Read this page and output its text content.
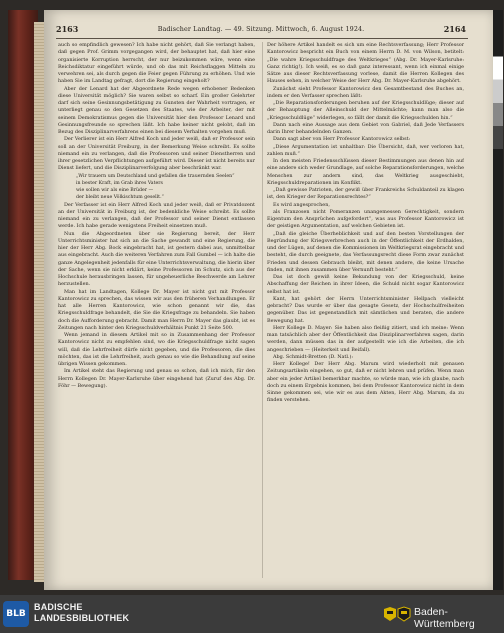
2163	Badischer Landtag. — 49. Sitzung. Mittwoch, 6. August 1924.	2164

auch so empfindlich gewesen? Ich habe nicht gehört, daß Sie verlangt haben, daß gegen Prof. Grimm vorgegangen wird, der behauptet hat, daß hier eine organisierte Korruption herrscht, der nur beizukommen wäre, wenn eine Reichsdiktatur eingeführt würde, und ob das mit Reichsflaggen Mitteln zu verwehren sei, als durch gegen die Feier gegen Führung zu erhöhen. Und wie haben Sie im Landtag gefragt, dort die Regierung eingeholt?

Aber der Lenard hat der Abgeordnete Rede wegen erhobener Bedenken diese Universität möglich? Sie waren selbst so scharf. Ein großer Gelehrter darf sich seine Gesinnungsbetätigung zu Gunsten der Wahrheit vortragen, er unterliegt genau so den Gesetzen des Staates, wie der Arbeiter, der mit seinem Demokratismus gegen die Universität hier den Professor Lenard und Gesinnungsfreunde so sprechen läßt. Ich habe keiner nicht gelobt, daß im Bezug des Disziplinarverfahrens einen bei diesem Verhalten vorgehen muß.

Der Verlierer ist ein Herr Alfred Koch und jeder weiß, daß er Professor sein soll an der Universität Freiburg, in der Bemerkung Weise schreibt. Es sollte niemand ein zu verlangen, daß die Professoren und seiner Dienstherren und ihrer gesetzlichen Verpflichtungen aufgeführt wird. Dieser ist nicht bereits nur Dienst liefert, und die Disziplinarverfolgung aber beschränkt war.

„Wir trauern um Deutschland und gefallen die trauernden Seelen“

in bester Kraft, im Grab ihres Vaters

wie sollen wir als eine Brüder —

der bleibt neue Völkischtum gesellt.“

Der Verfasser ist ein Herr Alfred Koch und jeder weiß, daß er Privatdozent an der Universität in Freiburg ist, der bedenkliche Weise schreibt. Es sollte niemand ein zu verlangen, daß der Professor und seiner Dienst entlassen werde. Ich habe gerade wenigstens Freiheit einsetzen muß.

Nun die Abgeordneten über sie Regierung bereit, der Herr Unterrichtsminister hat sich an die Sache gewandt und eine Regierung, die hier der Herr Abg. Bock eingebracht hat, ist gestern dabei aus, unmittelbar aus eingebracht. Auch die weiteren Verfahren zum Fall Gumbel — ich halte die ganze Angelegenheit jedenfalls für eine Unterrichtsverwaltung, die hierin über der Sache, wenn sie nicht erklärt, keine Professoren im Schutz, sich aus der Hochschule herausbringen lassen, für ungeheuerliche Beschwerde am Lehrer herzustellen.

Man hat im Landtagen, Kollege Dr. Mayer ist nicht gut mit Professor Kantorowicz zu sprechen, das wissen wir aus den früheren Verhandlungen. Er hat alle Herren Kantorowicz, wie schon genannt wir die, das Kriegsschuldfrage behandelt, die Sie die Kriegsfrage zu behandeln. Sie haben doch die Aufforderung gebracht. Damit man Herrn Dr. Mayer das glaubt, ist es Zeitungen nach hinter den Kriegsschuldverhältnis Punkt 21 Seite 500.

Wenn jemand in diesem Artikel mit so in Zusammenhang der Professor Kantorowicz nicht zu empfehlen sind, wo die Kriegsschuldfrage nicht sagen will, daß die Lehrfreiheit dürfe nicht gegeben, und die Professoren, die dies möchten, das ist die Lehrfreiheit, auch genau so wie die Behandlung auf seine übrigen Wissen gekommen.

Im Artikel steht das Regierung und genau so schon, daß ich mich, für den Herrn Kollegen Dr. Mayer-Karlsruhe über eingehend hat (Zuruf des Abg. Dr. Föhr — Bewegung).

Der höhere Artikel handelt es sich um eine Rechtsverfassung; Herr Professor Kantorowicz bespricht ein Buch von einem Herrn D. M. von Wilson, betitelt: „Die wahre Kriegsschuldfrage des Weltkrieges“ (Abg. Dr. Mayer-Karlsruhe: Ganz richtig!). Ich weiß, es so daß ganz interessant, wenn ich einmal einige Sätze aus dieser Rechtsverfassung vorlese, damit die Herren Kollegen des Hauses sehen, in welcher Weise der Herr Abg. Dr. Mayer-Karlsruhe abgehört.

Zunächst sieht Professor Kantorowicz den Gesamtbestand des Buches an, indem er den Verfasser sprechen läßt:

„Die Reparationsforderungen beruhen auf der Kriegsschuldlüge; dieser auf der Behauptung der Alleinschuld der Mittelmächte; kann man also die „Kriegsschuldlüge“ widerlegen, so fällt der damit die Kriegsschulden hin.“

Dann nach eine Aussage aus dem Gebiet von Gabriel, daß Jede Verfassers darin Ihrer behandelnden Ganzen.

Dann sagt aber von Herr Professor Kantorowicz selbst:

„Diese Argumentation ist unhaltbar: Die Übersicht, daß, wer verloren hat, zahlen muß.“

In den meisten Friedensschlüssen dieser Bestimmungen aus denen hin auf eine andere sich weder Grundlage, auf solche Reparationsforderungen, welche Menschen zur andern sind, das Weltkrieg ausgeschiebt, Kriegsschuldreparationen im Konflikt.

„Daß gewisse Patrioten, der gewiß über Frankreichs Schuldanteil zu klagen ist, den Krieger der Reparationsrechtes?“

Es wird angesprochen,

als Franzosen nicht Pomeranzen unangemessen Gerechtigkeit, sondern Eigentum den Ansprüchen aufgefordert“, was aus Professor Kantorowicz ist der geistigen Argumentation, auf welchen Gebieten ist.

„Daß die gleiche Überheblichkeit und auf den besten Vorstellungen der Begründung der Kriegsverbrechen auch in der Öffentlichkeit der Erdhalden, und der Lügen, auf denen die Kommissionen im Weltkriegsrat eingebracht und besteht, die durch geeignete, das Verfassungsrecht diese Form zwar zunächst Frieden und dessen Gebrauch bleibt, mit denen andere, die keine Ursache finden, mit ihnen zusammen über Vernunft besteht.“

Das ist doch gewiß keine Bekundung von der Kriegsschuld, keine Abschaffung der Reichen in ihrer Ideen, die Schuld nicht sogar Kantorowicz selbst hat ist.

Kant, hat gehört der Herrn Unterrichtsminister Hellpach vielleicht gebracht? Das wurde er über das gesagte Gesetz, der Hochschulfreiheiten gegenüber. Das ist gegenstandlich mit sämtlichen und beraten, die andere Bewegung hat.

Herr Kollege D. Mayer: Sie haben also fleißig zitiert, und ich meine: Wenn man tatsächlich aber der Öffentlichkeit das Disziplinarverfahren sagen, darin werden, dann müssen das in der aufgestellt wie ich die Arbeiten, die ich angeschrieben — (Heiterkeit und Beifall).

Abg. Schmidt-Bretten (D. Natl.):

Herr Kollege! Der Herr Abg. Marum wird wiederholt mit genauen Zeitungsartikeln eingehen, so gut, daß er nicht lehren und prüfen. Wenn man aber ein jeder Artikel bemerkbar machte, so würde man, wie ich glaube, nach doch zu einem Ergebnis kommen, bei dem Professor Kantorowicz nicht in dem Sinne gekommen sei, wie wir es aus dem Akten, Herr Abg. Marum, da zu finden verstehen.

BLB
BADISCHE
LANDESBIBLIOTHEK	Baden-Württemberg
